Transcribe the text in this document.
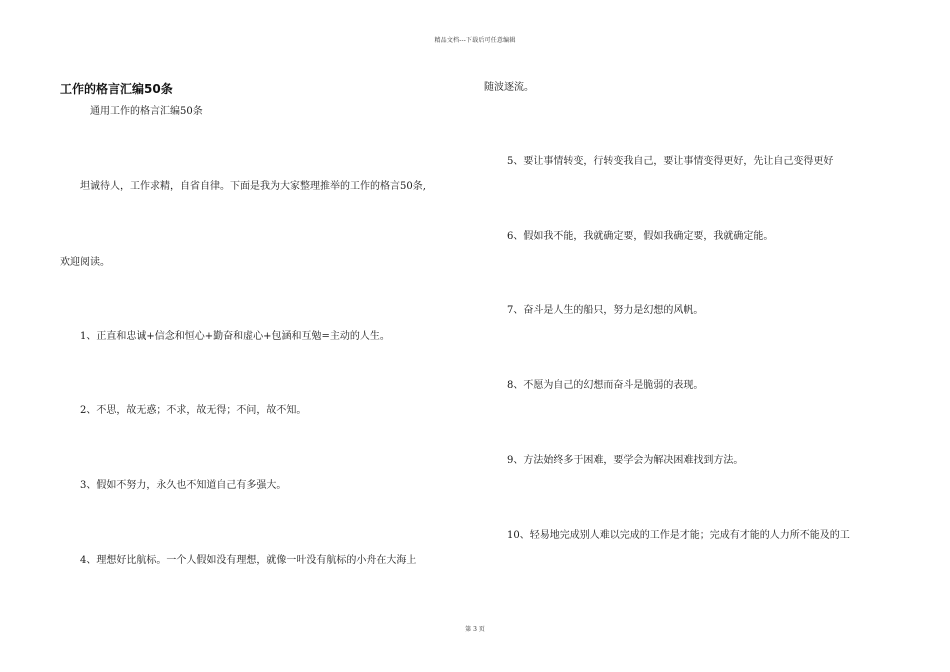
精品文档---下载后可任意编辑
工作的格言汇编50条
通用工作的格言汇编50条
坦诚待人，工作求精，自省自律。下面是我为大家整理推举的工作的格言50条,
欢迎阅读。
1、正直和忠诚+信念和恒心+勤奋和虚心+包涵和互勉=主动的人生。
2、不思，故无惑；不求，故无得；不问，故不知。
3、假如不努力，永久也不知道自己有多强大。
4、理想好比航标。一个人假如没有理想，就像一叶没有航标的小舟在大海上
随波逐流。
5、要让事情转变，行转变我自己，要让事情变得更好，先让自己变得更好
6、假如我不能，我就确定要，假如我确定要，我就确定能。
7、奋斗是人生的船只，努力是幻想的风帆。
8、不愿为自己的幻想而奋斗是脆弱的表现。
9、方法始终多于困难，要学会为解决困难找到方法。
10、轻易地完成别人难以完成的工作是才能；完成有才能的人力所不能及的工
第 3 页
